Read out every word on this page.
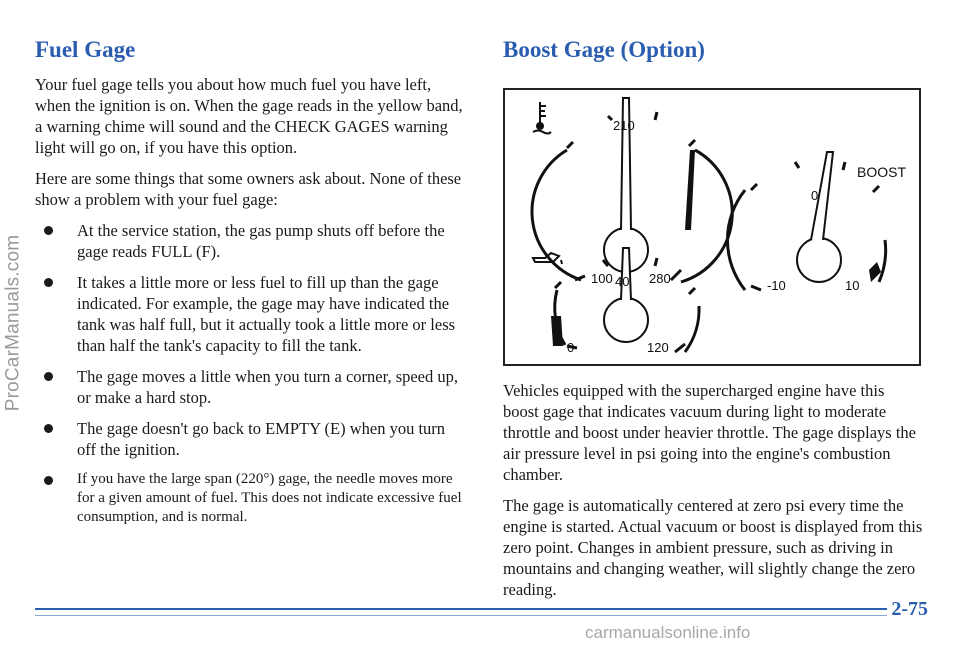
ProCarManuals.com
Fuel Gage	Boost Gage (Option)

Your fuel gage tells you about how much fuel you have left, when the ignition is on. When the gage reads in the yellow band, a warning chime will sound and the CHECK GAGES warning light will go on, if you have this option.

Here are some things that some owners ask about. None of these show a problem with your fuel gage:

At the service station, the gas pump shuts off before the gage reads FULL (F).
It takes a little more or less fuel to fill up than the gage indicated. For example, the gage may have indicated the tank was half full, but it actually took a little more or less than half the tank's capacity to fill the tank.
The gage moves a little when you turn a corner, speed up, or make a hard stop.
The gage doesn't go back to EMPTY (E) when you turn off the ignition.
If you have the large span (220°) gage, the needle moves more for a given amount of fuel. This does not indicate excessive fuel consumption, and is normal.
100
210
280
0
40
120
BOOST
-10
0
10

Vehicles equipped with the supercharged engine have this boost gage that indicates vacuum during light to moderate throttle and boost under heavier throttle. The gage displays the air pressure level in psi going into the engine's combustion chamber.

The gage is automatically centered at zero psi every time the engine is started. Actual vacuum or boost is displayed from this zero point. Changes in ambient pressure, such as driving in mountains and changing weather, will slightly change the zero reading.

2-75
carmanualsonline.info
